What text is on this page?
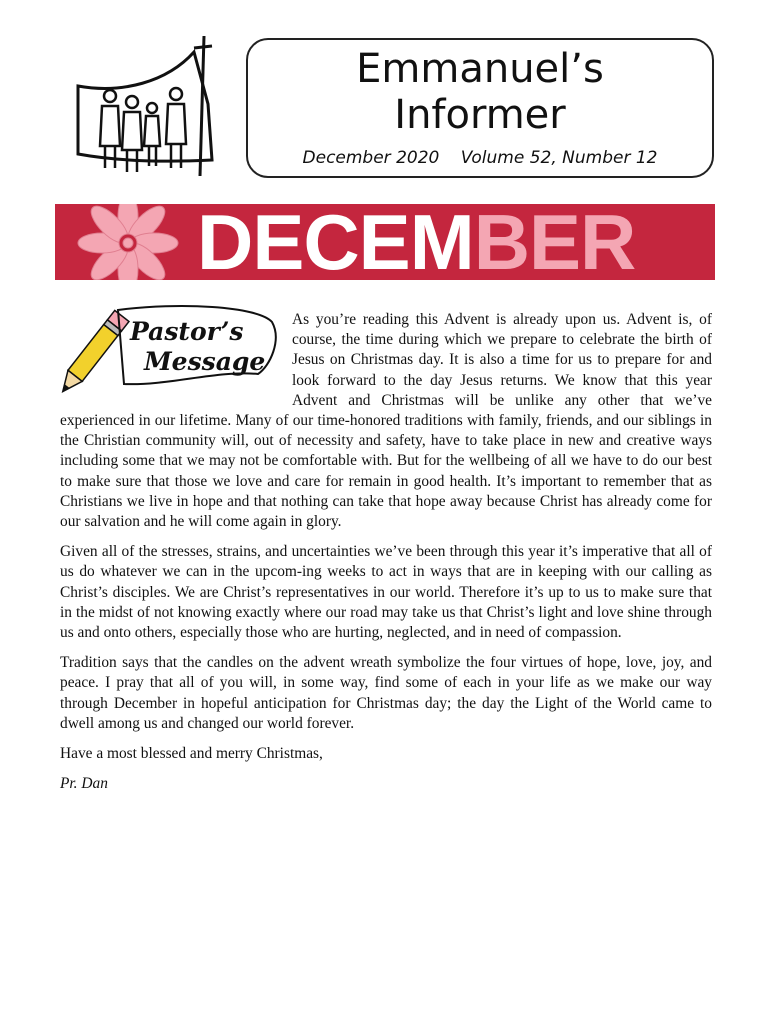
Emmanuel’s
Informer
December 2020 Volume 52, Number 12
DECEMBER
Pastor’s
Message

As you’re reading this Advent is already upon us. Advent is, of course, the time during which we prepare to celebrate the birth of Jesus on Christmas day. It is also a time for us to prepare for and look forward to the day Jesus returns. We know that this year Advent and Christmas will be unlike any other that we’ve experienced in our lifetime. Many of our time-honored traditions with family, friends, and our siblings in the Christian community will, out of necessity and safety, have to take place in new and creative ways including some that we may not be comfortable with. But for the wellbeing of all we have to do our best to make sure that those we love and care for remain in good health. It’s important to remember that as Christians we live in hope and that nothing can take that hope away because Christ has already come for our salvation and he will come again in glory.

Given all of the stresses, strains, and uncertainties we’ve been through this year it’s imperative that all of us do whatever we can in the upcom-ing weeks to act in ways that are in keeping with our calling as Christ’s disciples. We are Christ’s representatives in our world. Therefore it’s up to us to make sure that in the midst of not knowing exactly where our road may take us that Christ’s light and love shine through us and onto others, especially those who are hurting, neglected, and in need of compassion.

Tradition says that the candles on the advent wreath symbolize the four virtues of hope, love, joy, and peace. I pray that all of you will, in some way, find some of each in your life as we make our way through December in hopeful anticipation for Christmas day; the day the Light of the World came to dwell among us and changed our world forever.

Have a most blessed and merry Christmas,

Pr. Dan
